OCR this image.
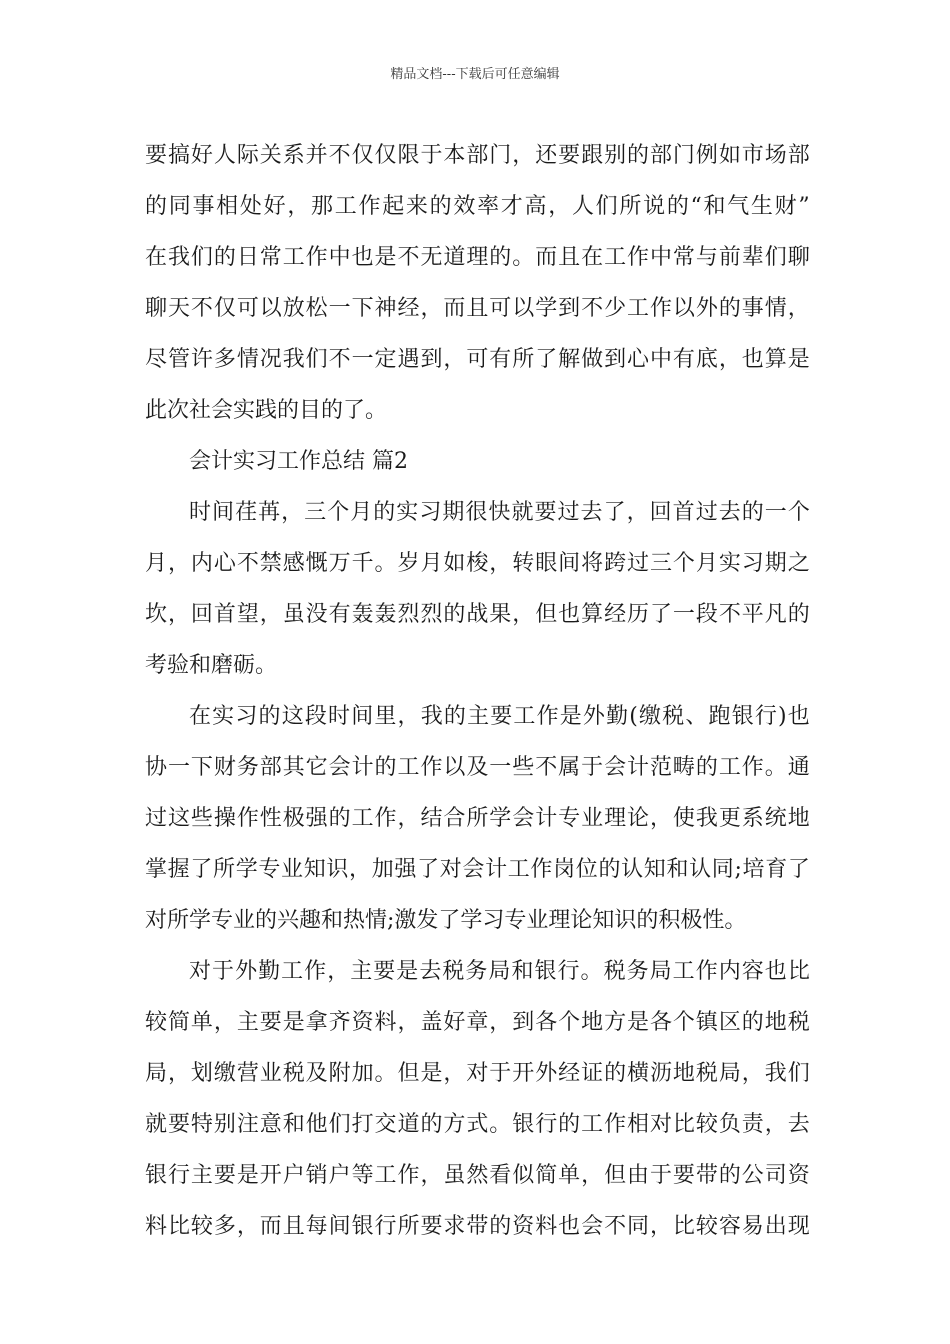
精品文档---下载后可任意编辑
要 搞 好 人 际 关 系 并 不 仅 仅 限 于 本 部 门 ， 还 要 跟 别 的 部 门 例 如 市 场 部
的 同 事 相 处 好 ， 那 工 作 起 来 的 效 率 才 高 ， 人 们 所 说 的 “ 和 气 生 财 ”
在 我 们 的 日 常 工 作 中 也 是 不 无 道 理 的 。 而 且 在 工 作 中 常 与 前 辈 们 聊
聊 天 不 仅 可 以 放 松 一 下 神 经 ， 而 且 可 以 学 到 不 少 工 作 以 外 的 事 情 ，
尽 管 许 多 情 况 我 们 不 一 定 遇 到 ， 可 有 所 了 解 做 到 心 中 有 底 ， 也 算 是
此次社会实践的目的了。
会计实习工作总结 篇2
时 间 荏 苒 ， 三 个 月 的 实 习 期 很 快 就 要 过 去 了 ， 回 首 过 去 的 一 个
月 ， 内 心 不 禁 感 慨 万 千 。 岁 月 如 梭 ， 转 眼 间 将 跨 过 三 个 月 实 习 期 之
坎 ， 回 首 望 ， 虽 没 有 轰 轰 烈 烈 的 战 果 ， 但 也 算 经 历 了 一 段 不 平 凡 的
考验和磨砺。
在 实 习 的 这 段 时 间 里 ， 我 的 主 要 工 作 是 外 勤 ( 缴 税 、 跑 银 行 ) 也
协 一 下 财 务 部 其 它 会 计 的 工 作 以 及 一 些 不 属 于 会 计 范 畴 的 工 作 。 通
过 这 些 操 作 性 极 强 的 工 作 ， 结 合 所 学 会 计 专 业 理 论 ， 使 我 更 系 统 地
掌 握 了 所 学 专 业 知 识 ， 加 强 了 对 会 计 工 作 岗 位 的 认 知 和 认 同 ; 培 育 了
对所学专业的兴趣和热情;激发了学习专业理论知识的积极性。
对 于 外 勤 工 作 ， 主 要 是 去 税 务 局 和 银 行 。 税 务 局 工 作 内 容 也 比
较 简 单 ， 主 要 是 拿 齐 资 料 ， 盖 好 章 ， 到 各 个 地 方 是 各 个 镇 区 的 地 税
局 ， 划 缴 营 业 税 及 附 加 。 但 是 ， 对 于 开 外 经 证 的 横 沥 地 税 局 ， 我 们
就 要 特 别 注 意 和 他 们 打 交 道 的 方 式 。 银 行 的 工 作 相 对 比 较 负 责 ， 去
银 行 主 要 是 开 户 销 户 等 工 作 ， 虽 然 看 似 简 单 ， 但 由 于 要 带 的 公 司 资
料 比 较 多 ， 而 且 每 间 银 行 所 要 求 带 的 资 料 也 会 不 同 ， 比 较 容 易 出 现
